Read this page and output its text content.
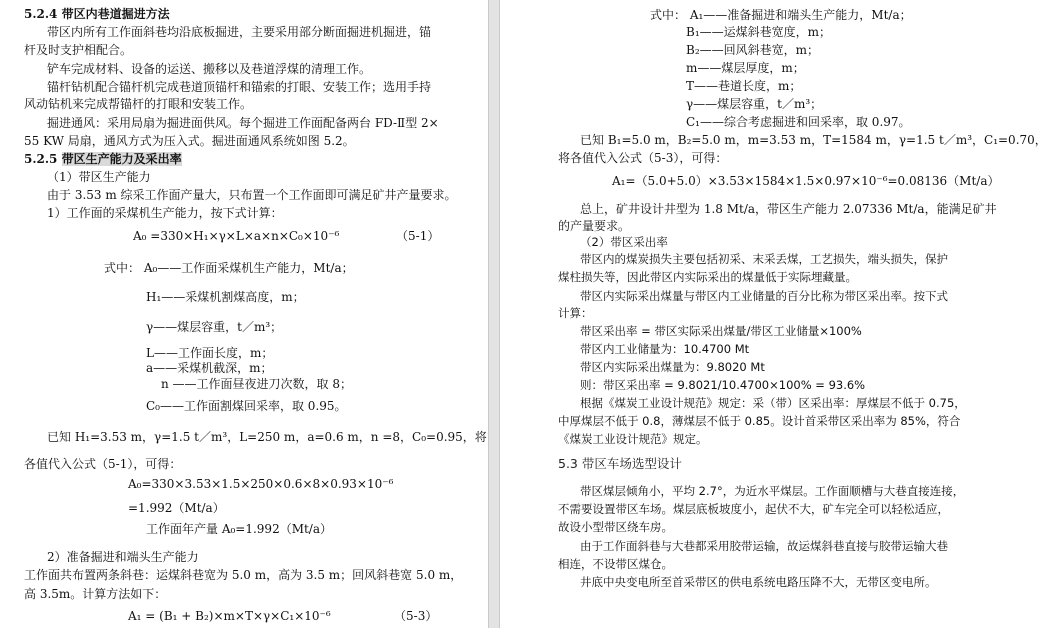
5.2.4 带区内巷道掘进方法
带区内所有工作面斜巷均沿底板掘进，主要采用部分断面掘进机掘进，锚
杆及时支护相配合。
铲车完成材料、设备的运送、搬移以及巷道浮煤的清理工作。
锚杆钻机配合锚杆机完成巷道顶锚杆和锚索的打眼、安装工作；选用手持
风动钻机来完成帮锚杆的打眼和安装工作。
掘进通风：采用局扇为掘进面供风。每个掘进工作面配备两台 FD-Ⅱ型 2×
55 KW 局扇，通风方式为压入式。掘进面通风系统如图 5.2。
5.2.5 带区生产能力及采出率
（1）带区生产能力
由于 3.53 m 综采工作面产量大，只布置一个工作面即可满足矿井产量要求。
1）工作面的采煤机生产能力，按下式计算：
A₀ =330×H₁×γ×L×a×n×C₀×10⁻⁶	（5-1）
式中： A₀——工作面采煤机生产能力，Mt/a；
H₁——采煤机割煤高度，m；
γ——煤层容重，t／m³；
L——工作面长度，m；
a——采煤机截深，m；
n ——工作面昼夜进刀次数，取 8；
C₀——工作面割煤回采率，取 0.95。
已知 H₁=3.53 m，γ=1.5 t／m³，L=250 m，a=0.6 m，n =8，C₀=0.95，将
各值代入公式（5-1），可得：
A₀=330×3.53×1.5×250×0.6×8×0.93×10⁻⁶
=1.992（Mt/a）
工作面年产量 A₀=1.992（Mt/a）
2）准备掘进和端头生产能力
工作面共布置两条斜巷：运煤斜巷宽为 5.0 m，高为 3.5 m；回风斜巷宽 5.0 m，
高 3.5m。计算方法如下：
A₁ = (B₁ + B₂)×m×T×γ×C₁×10⁻⁶	（5-3）
式中： A₁——准备掘进和端头生产能力，Mt/a；
B₁——运煤斜巷宽度，m；
B₂——回风斜巷宽，m；
m——煤层厚度，m；
T——巷道长度，m；
γ——煤层容重，t／m³；
C₁——综合考虑掘进和回采率，取 0.97。
已知 B₁=5.0 m，B₂=5.0 m，m=3.53 m，T=1584 m，γ=1.5 t／m³，C₁=0.70，
将各值代入公式（5-3），可得：
A₁=（5.0+5.0）×3.53×1584×1.5×0.97×10⁻⁶=0.08136（Mt/a）
总上，矿井设计井型为 1.8 Mt/a，带区生产能力 2.07336 Mt/a，能满足矿井
的产量要求。
（2）带区采出率
带区内的煤炭损失主要包括初采、末采丢煤，工艺损失，端头损失，保护
煤柱损失等，因此带区内实际采出的煤量低于实际埋藏量。
带区内实际采出煤量与带区内工业储量的百分比称为带区采出率。按下式
计算：
带区采出率 = 带区实际采出煤量/带区工业储量×100%
带区内工业储量为：10.4700 Mt
带区内实际采出煤量为：9.8020 Mt
则：带区采出率 = 9.8021/10.4700×100% = 93.6%
根据《煤炭工业设计规范》规定：采（带）区采出率：厚煤层不低于 0.75，
中厚煤层不低于 0.8，薄煤层不低于 0.85。设计首采带区采出率为 85%，符合
《煤炭工业设计规范》规定。
5.3 带区车场选型设计
带区煤层倾角小，平均 2.7°，为近水平煤层。工作面顺槽与大巷直接连接，
不需要设置带区车场。煤层底板坡度小，起伏不大，矿车完全可以轻松适应，
故设小型带区绕车房。
由于工作面斜巷与大巷都采用胶带运输，故运煤斜巷直接与胶带运输大巷
相连，不设带区煤仓。
井底中央变电所至首采带区的供电系统电路压降不大，无带区变电所。
